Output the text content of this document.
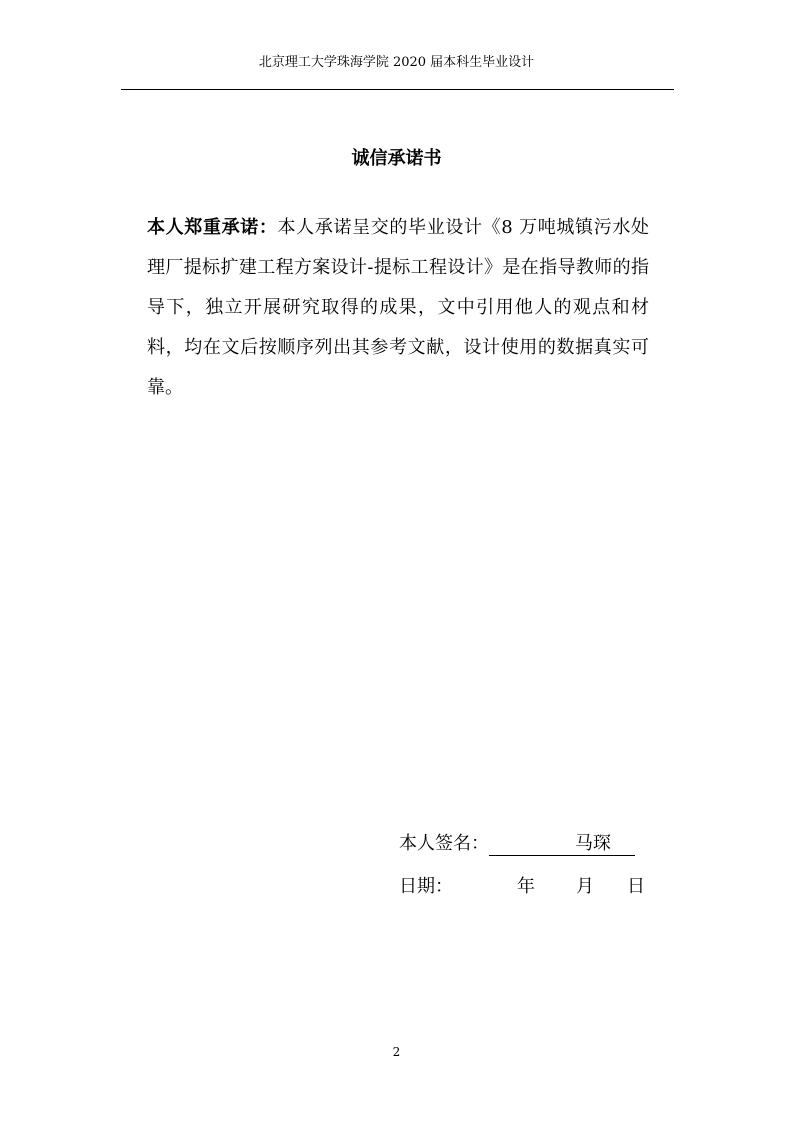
北京理工大学珠海学院 2020 届本科生毕业设计
诚信承诺书
本人郑重承诺：本人承诺呈交的毕业设计《8 万吨城镇污水处理厂提标扩建工程方案设计-提标工程设计》是在指导教师的指导下，独立开展研究取得的成果，文中引用他人的观点和材料，均在文后按顺序列出其参考文献，设计使用的数据真实可靠。
本人签名：	马琛
日期：	年 月 日
2
